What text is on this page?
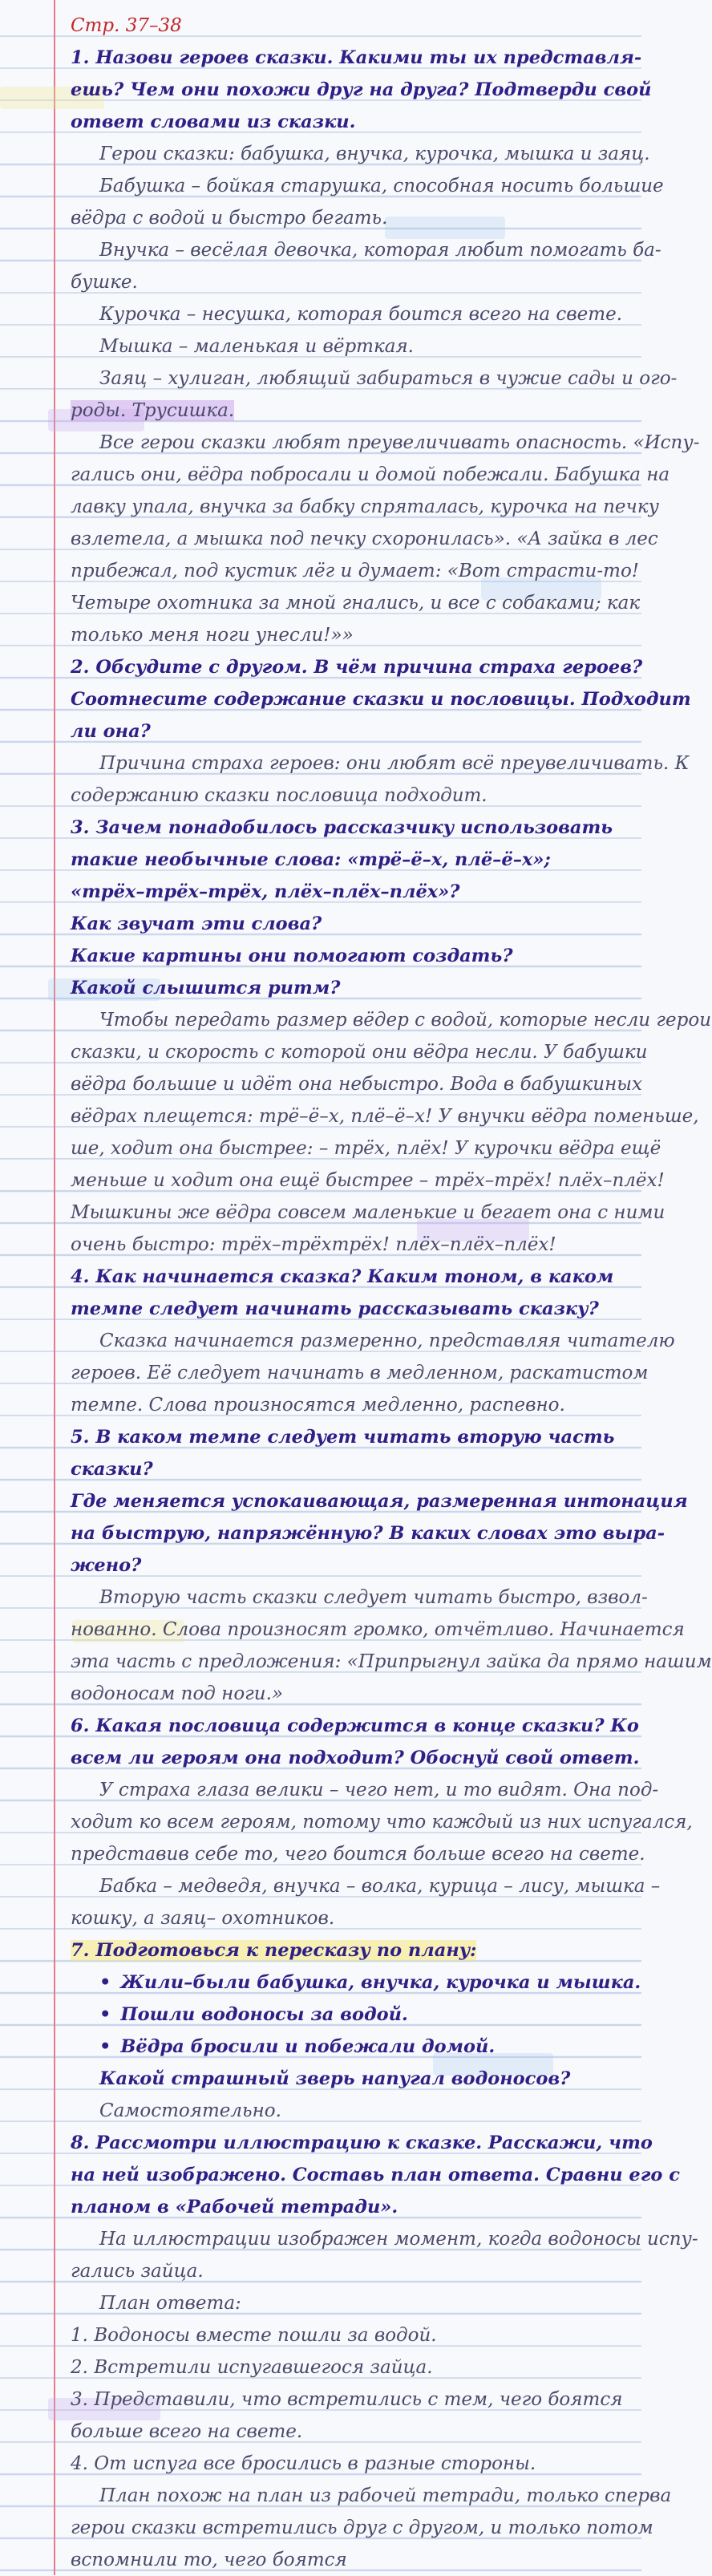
Стр. 37–38
1. Назови героев сказки. Какими ты их представля-
ешь? Чем они похожи друг на друга? Подтверди свой
ответ словами из сказки.
Герои сказки: бабушка, внучка, курочка, мышка и заяц.
Бабушка – бойкая старушка, способная носить большие
вёдра с водой и быстро бегать.
Внучка – весёлая девочка, которая любит помогать ба-
бушке.
Курочка – несушка, которая боится всего на свете.
Мышка – маленькая и вёрткая.
Заяц – хулиган, любящий забираться в чужие сады и ого-
роды. Трусишка.
Все герои сказки любят преувеличивать опасность. «Испу-
гались они, вёдра побросали и домой побежали. Бабушка на
лавку упала, внучка за бабку спряталась, курочка на печку
взлетела, а мышка под печку схоронилась». «А зайка в лес
прибежал, под кустик лёг и думает: «Вот страсти-то!
Четыре охотника за мной гнались, и все с собаками; как
только меня ноги унесли!»»
2. Обсудите с другом. В чём причина страха героев?
Соотнесите содержание сказки и пословицы. Подходит
ли она?
Причина страха героев: они любят всё преувеличивать. К
содержанию сказки пословица подходит.
3. Зачем понадобилось рассказчику использовать
такие необычные слова: «трё–ё–х, плё–ё–х»;
«трёх–трёх–трёх, плёх–плёх–плёх»?
Как звучат эти слова?
Какие картины они помогают создать?
Какой слышится ритм?
Чтобы передать размер вёдер с водой, которые несли герои
сказки, и скорость с которой они вёдра несли. У бабушки
вёдра большие и идёт она небыстро. Вода в бабушкиных
вёдрах плещется: трё–ё–х, плё–ё–х! У внучки вёдра поменьше,
ше, ходит она быстрее: – трёх, плёх! У курочки вёдра ещё
меньше и ходит она ещё быстрее – трёх–трёх! плёх–плёх!
Мышкины же вёдра совсем маленькие и бегает она с ними
очень быстро: трёх–трёхтрёх! плёх–плёх–плёх!
4. Как начинается сказка? Каким тоном, в каком
темпе следует начинать рассказывать сказку?
Сказка начинается размеренно, представляя читателю
героев. Её следует начинать в медленном, раскатистом
темпе. Слова произносятся медленно, распевно.
5. В каком темпе следует читать вторую часть
сказки?
Где меняется успокаивающая, размеренная интонация
на быструю, напряжённую? В каких словах это выра-
жено?
Вторую часть сказки следует читать быстро, взвол-
нованно. Слова произносят громко, отчётливо. Начинается
эта часть с предложения: «Припрыгнул зайка да прямо нашим
водоносам под ноги.»
6. Какая пословица содержится в конце сказки? Ко
всем ли героям она подходит? Обоснуй свой ответ.
У страха глаза велики – чего нет, и то видят. Она под-
ходит ко всем героям, потому что каждый из них испугался,
представив себе то, чего боится больше всего на свете.
Бабка – медведя, внучка – волка, курица – лису, мышка –
кошку, а заяц– охотников.
7. Подготовься к пересказу по плану:
• Жили–были бабушка, внучка, курочка и мышка.
• Пошли водоносы за водой.
• Вёдра бросили и побежали домой.
Какой страшный зверь напугал водоносов?
Самостоятельно.
8. Рассмотри иллюстрацию к сказке. Расскажи, что
на ней изображено. Составь план ответа. Сравни его с
планом в «Рабочей тетради».
На иллюстрации изображен момент, когда водоносы испу-
гались зайца.
План ответа:
1. Водоносы вместе пошли за водой.
2. Встретили испугавшегося зайца.
3. Представили, что встретились с тем, чего боятся
больше всего на свете.
4. От испуга все бросились в разные стороны.
План похож на план из рабочей тетради, только сперва
герои сказки встретились друг с другом, и только потом
вспомнили то, чего боятся
